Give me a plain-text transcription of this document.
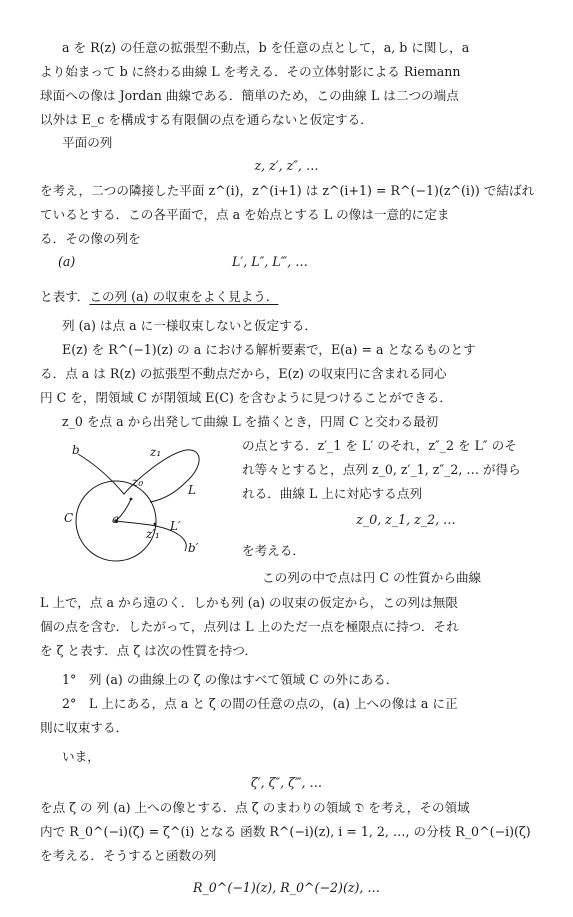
a を R(z) の任意の拡張型不動点，b を任意の点として，a, b に関し，a
より始まって b に終わる曲線 L を考える．その立体射影による Riemann
球面への像は Jordan 曲線である．簡単のため，この曲線 L は二つの端点
以外は E_c を構成する有限個の点を通らないと仮定する．
平面の列
z, z′, z″, …
を考え，二つの隣接した平面 z^(i)，z^(i+1) は z^(i+1) = R^(−1)(z^(i)) で結ばれ
ているとする．この各平面で，点 a を始点とする L の像は一意的に定ま
る．その像の列を
(a)	L′, L″, L‴, …
と表す．この列 (a) の収束をよく見よう．
列 (a) は点 a に一様収束しないと仮定する．
E(z) を R^(−1)(z) の a における解析要素で，E(a) = a となるものとす
る．点 a は R(z) の拡張型不動点だから，E(z) の収束円に含まれる同心
円 C を，閉領域 C が閉領域 E(C) を含むように見つけることができる．
z_0 を点 a から出発して曲線 L を描くとき，円周 C と交わる最初
の点とする．z′_1 を L′ のそれ，z″_2 を L″ のそ
れ等々とすると，点列 z_0, z′_1, z″_2, … が得ら
れる．曲線 L 上に対応する点列
z_0, z_1, z_2, …
を考える．
この列の中で点は円 C の性質から曲線
b	z₁
z₀
C	a
L
L′
z′₁
b′
L 上で，点 a から遠のく．しかも列 (a) の収束の仮定から，この列は無限
個の点を含む．したがって，点列は L 上のただ一点を極限点に持つ．それ
を ζ と表す．点 ζ は次の性質を持つ．
1°　列 (a) の曲線上の ζ の像はすべて領域 C の外にある．
2°　L 上にある，点 a と ζ の間の任意の点の，(a) 上への像は a に正
則に収束する．
いま，
ζ′, ζ″, ζ‴, …
を点 ζ の 列 (a) 上への像とする．点 ζ のまわりの領域 𝔇 を考え，その領域
内で R_0^(−i)(ζ) = ζ^(i) となる 函数 R^(−i)(z), i = 1, 2, …, の分枝 R_0^(−i)(ζ)
を考える．そうすると函数の列
R_0^(−1)(z), R_0^(−2)(z), …
